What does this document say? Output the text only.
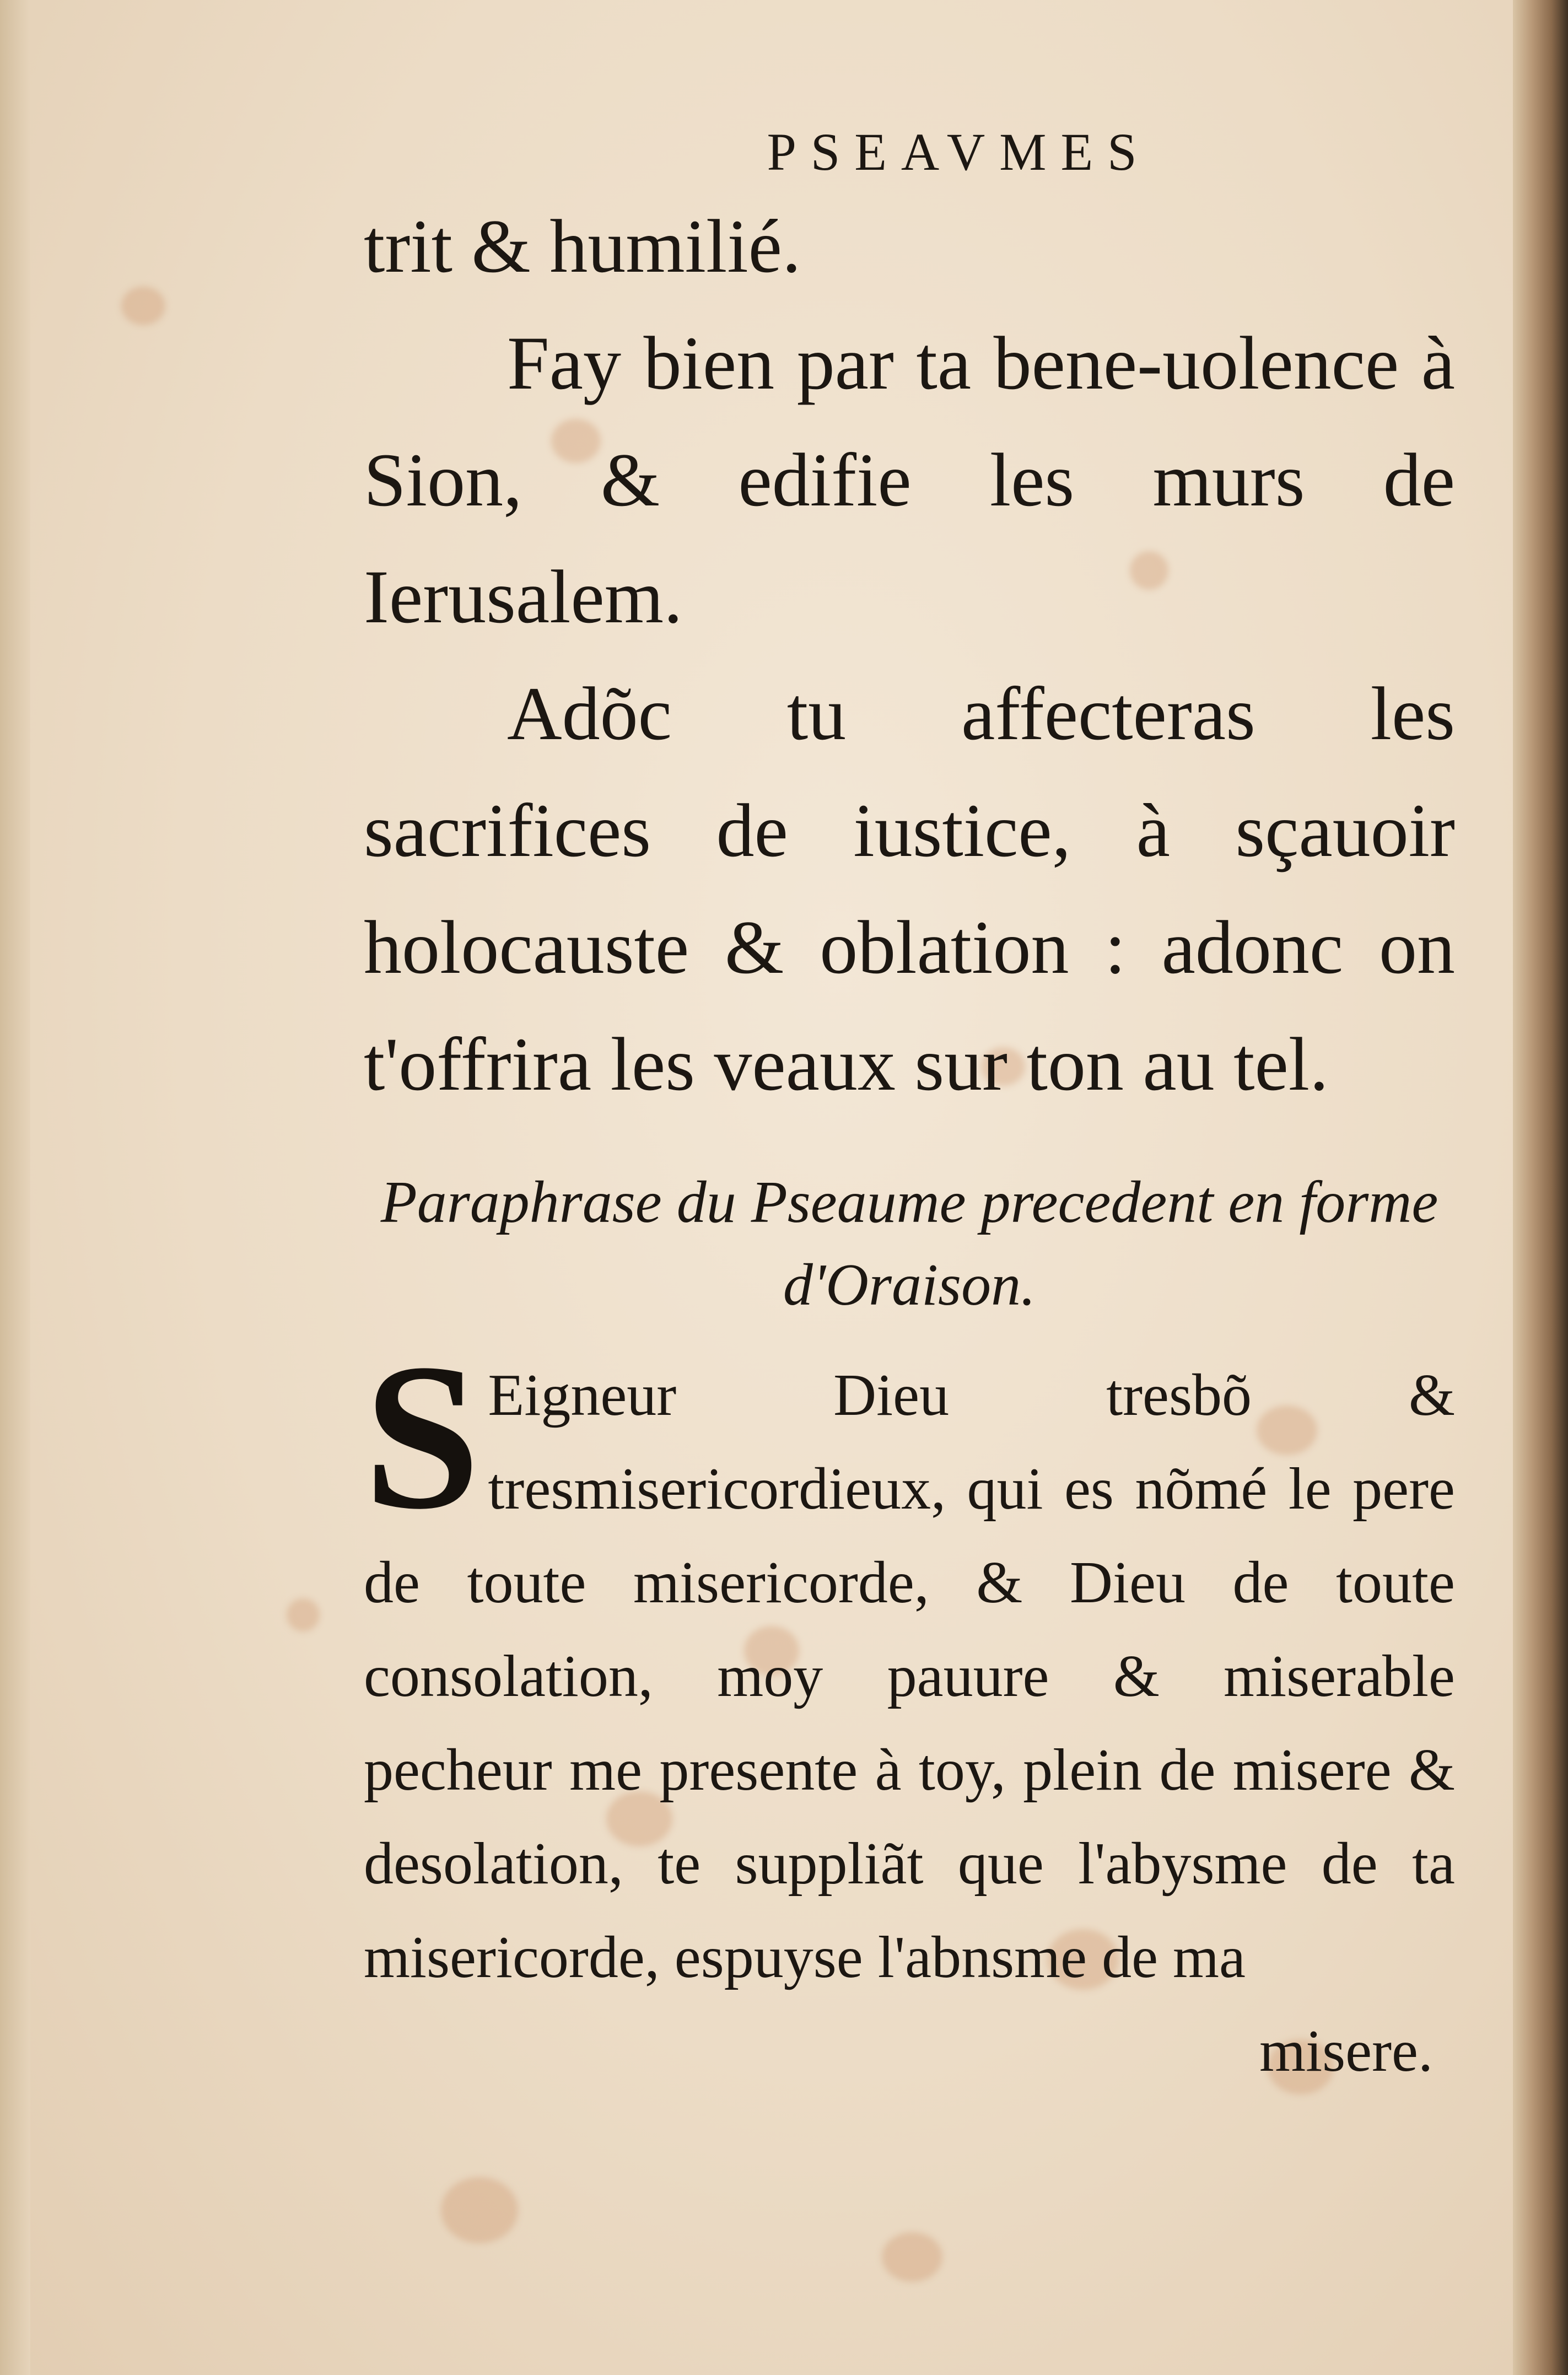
PSEAVMES

trit & humilié.

Fay bien par ta bene-uolence à Sion, & edifie les murs de Ierusalem.

Adõc tu affecteras les sacrifices de iustice, à sçauoir holocauste & oblation : adonc on t'offrira les veaux sur ton au tel.

Paraphrase du Pseaume precedent en forme d'Oraison.
S Eigneur Dieu tresbõ & tresmisericordieux, qui es nõmé le pere de toute misericorde, & Dieu de toute consolation, moy pauure & miserable pecheur me presente à toy, plein de misere & desolation, te suppliãt que l'abysme de ta misericorde, espuyse l'abnsme de ma
misere.
